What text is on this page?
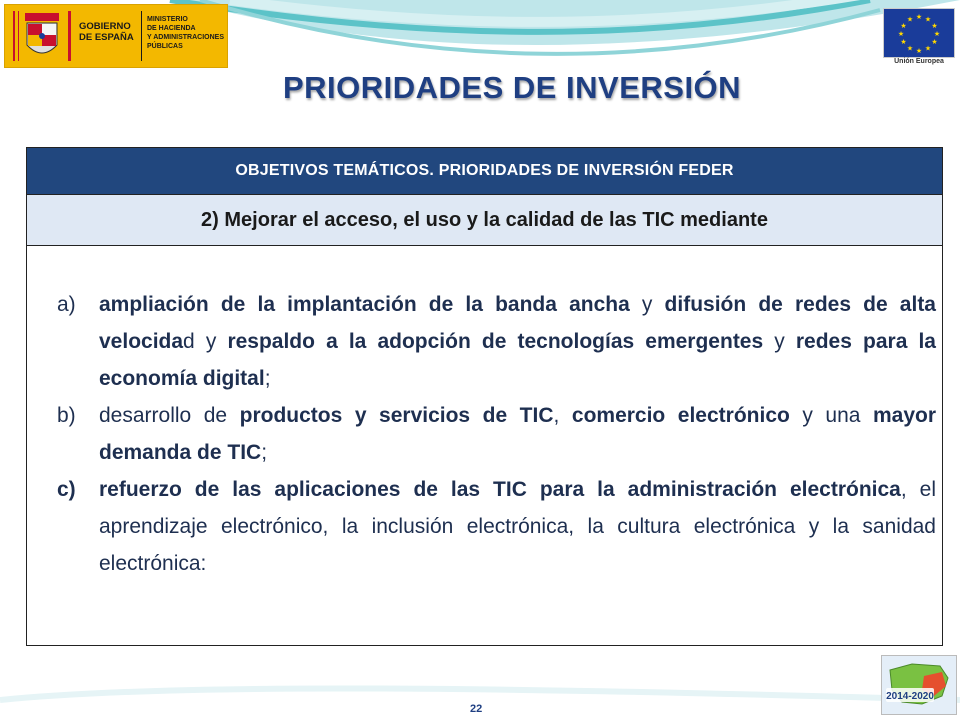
GOBIERNO
DE ESPAÑA
MINISTERIO
DE HACIENDA
Y ADMINISTRACIONES
PÚBLICAS
★ ★
★
★
★
★
★
★
★
★
★
★
Unión Europea
PRIORIDADES DE INVERSIÓN
OBJETIVOS TEMÁTICOS. PRIORIDADES DE INVERSIÓN FEDER
2) Mejorar el acceso, el uso y la calidad de las TIC mediante
a)	ampliación de la implantación de la banda ancha y difusión de redes de alta velocidad y respaldo a la adopción de tecnologías emergentes y redes para la economía digital;
b)	desarrollo de productos y servicios de TIC, comercio electrónico y una mayor demanda de TIC;
c)	refuerzo de las aplicaciones de las TIC para la administración electrónica, el aprendizaje electrónico, la inclusión electrónica, la cultura electrónica y la sanidad electrónica:
22
2014-2020
